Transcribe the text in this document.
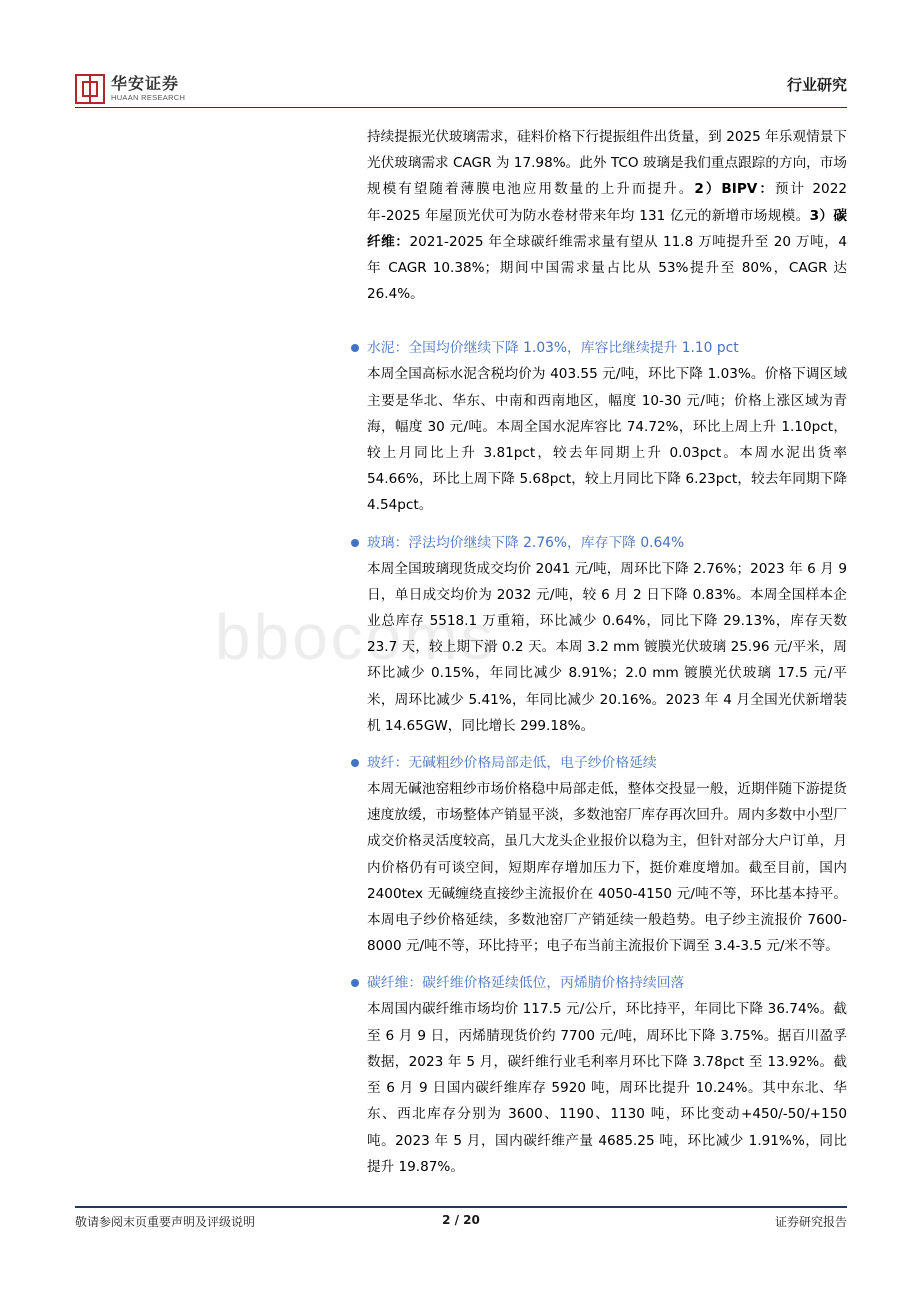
华安证券
HUAAN RESEARCH
行业研究
bbocoms

持续提振光伏玻璃需求，硅料价格下行提振组件出货量，到 2025 年乐观情景下光伏玻璃需求 CAGR 为 17.98%。此外 TCO 玻璃是我们重点跟踪的方向，市场规模有望随着薄膜电池应用数量的上升而提升。2）BIPV：预计 2022 年-2025 年屋顶光伏可为防水卷材带来年均 131 亿元的新增市场规模。3）碳纤维：2021-2025 年全球碳纤维需求量有望从 11.8 万吨提升至 20 万吨，4 年 CAGR 10.38%；期间中国需求量占比从 53%提升至 80%，CAGR 达 26.4%。

水泥：全国均价继续下降 1.03%，库容比继续提升 1.10 pct

本周全国高标水泥含税均价为 403.55 元/吨，环比下降 1.03%。价格下调区域主要是华北、华东、中南和西南地区，幅度 10-30 元/吨；价格上涨区域为青海，幅度 30 元/吨。本周全国水泥库容比 74.72%，环比上周上升 1.10pct，较上月同比上升 3.81pct，较去年同期上升 0.03pct。本周水泥出货率 54.66%，环比上周下降 5.68pct，较上月同比下降 6.23pct，较去年同期下降 4.54pct。

玻璃：浮法均价继续下降 2.76%，库存下降 0.64%

本周全国玻璃现货成交均价 2041 元/吨，周环比下降 2.76%；2023 年 6 月 9 日，单日成交均价为 2032 元/吨，较 6 月 2 日下降 0.83%。本周全国样本企业总库存 5518.1 万重箱，环比减少 0.64%，同比下降 29.13%，库存天数 23.7 天，较上期下滑 0.2 天。本周 3.2 mm 镀膜光伏玻璃 25.96 元/平米，周环比减少 0.15%，年同比减少 8.91%；2.0 mm 镀膜光伏玻璃 17.5 元/平米，周环比减少 5.41%，年同比减少 20.16%。2023 年 4 月全国光伏新增装机 14.65GW，同比增长 299.18%。

玻纤：无碱粗纱价格局部走低，电子纱价格延续

本周无碱池窑粗纱市场价格稳中局部走低，整体交投显一般，近期伴随下游提货速度放缓，市场整体产销显平淡，多数池窑厂库存再次回升。周内多数中小型厂成交价格灵活度较高，虽几大龙头企业报价以稳为主，但针对部分大户订单，月内价格仍有可谈空间，短期库存增加压力下，挺价难度增加。截至目前，国内 2400tex 无碱缠绕直接纱主流报价在 4050-4150 元/吨不等，环比基本持平。本周电子纱价格延续，多数池窑厂产销延续一般趋势。电子纱主流报价 7600-8000 元/吨不等，环比持平；电子布当前主流报价下调至 3.4-3.5 元/米不等。

碳纤维：碳纤维价格延续低位，丙烯腈价格持续回落

本周国内碳纤维市场均价 117.5 元/公斤，环比持平，年同比下降 36.74%。截至 6 月 9 日，丙烯腈现货价约 7700 元/吨，周环比下降 3.75%。据百川盈孚数据，2023 年 5 月，碳纤维行业毛利率月环比下降 3.78pct 至 13.92%。截至 6 月 9 日国内碳纤维库存 5920 吨，周环比提升 10.24%。其中东北、华东、西北库存分别为 3600、1190、1130 吨，环比变动+450/-50/+150 吨。2023 年 5 月，国内碳纤维产量 4685.25 吨，环比减少 1.91%%，同比提升 19.87%。

敬请参阅末页重要声明及评级说明	2 / 20	证券研究报告
